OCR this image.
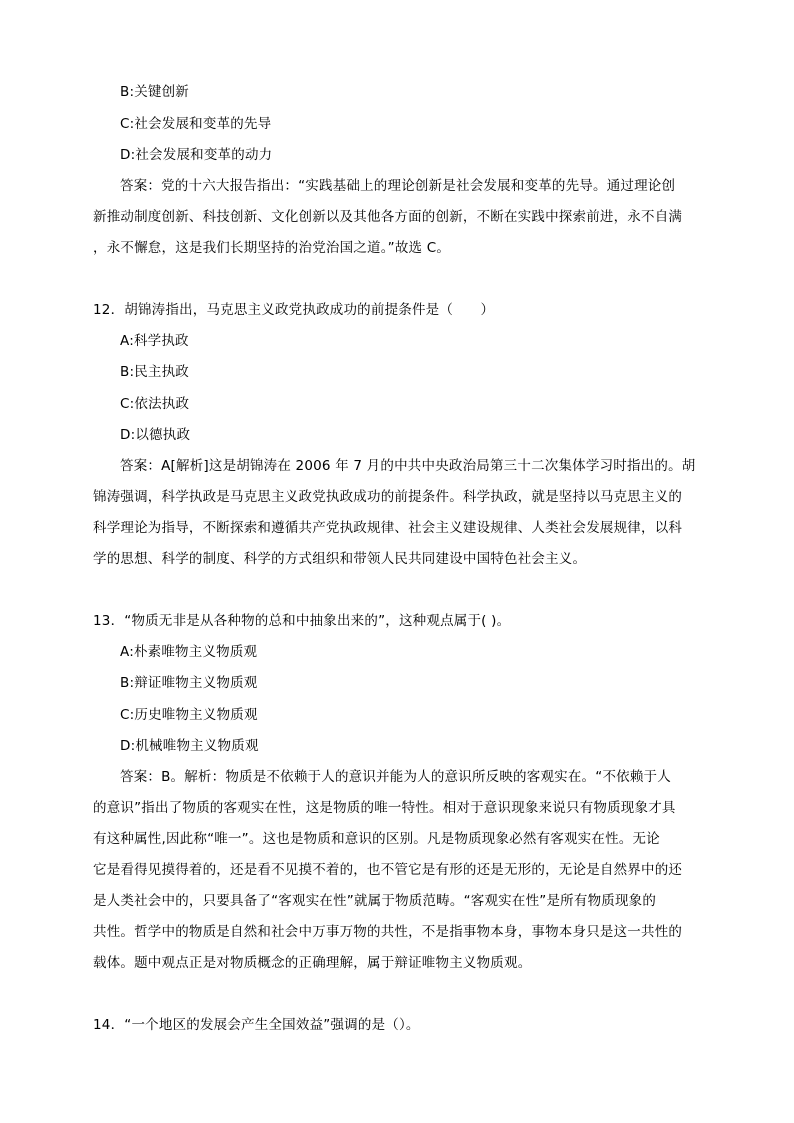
B:关键创新
C:社会发展和变革的先导
D:社会发展和变革的动力
答案：党的十六大报告指出：“实践基础上的理论创新是社会发展和变革的先导。通过理论创
新推动制度创新、科技创新、文化创新以及其他各方面的创新，不断在实践中探索前进，永不自满
，永不懈怠，这是我们长期坚持的治党治国之道。”故选 C。
12．胡锦涛指出，马克思主义政党执政成功的前提条件是（　　）
A:科学执政
B:民主执政
C:依法执政
D:以德执政
答案：A[解析]这是胡锦涛在 2006 年 7 月的中共中央政治局第三十二次集体学习时指出的。胡
锦涛强调，科学执政是马克思主义政党执政成功的前提条件。科学执政，就是坚持以马克思主义的
科学理论为指导，不断探索和遵循共产党执政规律、社会主义建设规律、人类社会发展规律，以科
学的思想、科学的制度、科学的方式组织和带领人民共同建设中国特色社会主义。
13．“物质无非是从各种物的总和中抽象出来的”，这种观点属于( )。
A:朴素唯物主义物质观
B:辩证唯物主义物质观
C:历史唯物主义物质观
D:机械唯物主义物质观
答案：B。解析：物质是不依赖于人的意识并能为人的意识所反映的客观实在。“不依赖于人
的意识”指出了物质的客观实在性，这是物质的唯一特性。相对于意识现象来说只有物质现象才具
有这种属性,因此称“唯一”。这也是物质和意识的区别。凡是物质现象必然有客观实在性。无论
它是看得见摸得着的，还是看不见摸不着的，也不管它是有形的还是无形的，无论是自然界中的还
是人类社会中的，只要具备了“客观实在性”就属于物质范畴。“客观实在性”是所有物质现象的
共性。哲学中的物质是自然和社会中万事万物的共性，不是指事物本身，事物本身只是这一共性的
载体。题中观点正是对物质概念的正确理解，属于辩证唯物主义物质观。
14．“一个地区的发展会产生全国效益”强调的是（）。
